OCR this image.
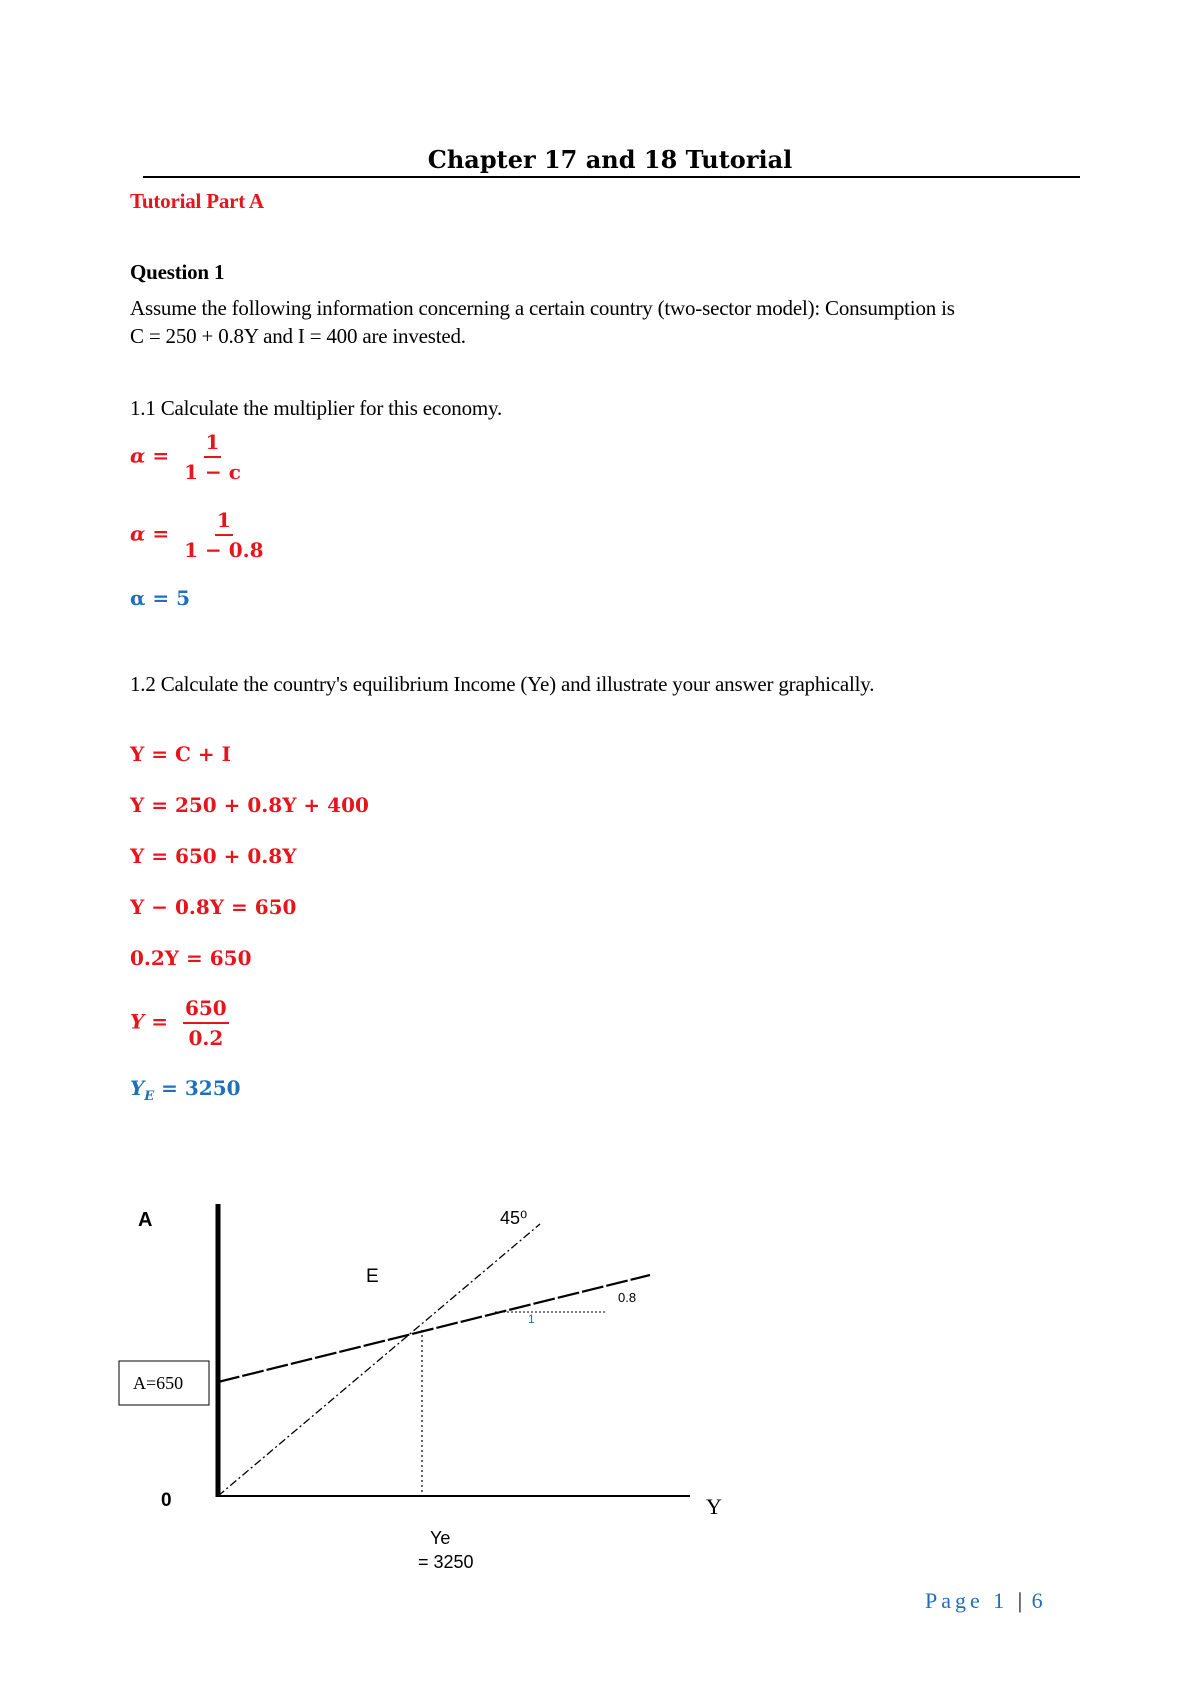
Chapter 17 and 18 Tutorial
Tutorial Part A
Question 1
Assume the following information concerning a certain country (two-sector model): Consumption is
C = 250 + 0.8Y and I = 400 are invested.
1.1 Calculate the multiplier for this economy.
$\alpha = \frac{1}{1 - c}$
$\alpha = \frac{1}{1 - 0.8}$
α = 5
1.2 Calculate the country's equilibrium Income (Ye) and illustrate your answer graphically.
Y = C + I
Y = 250 + 0.8Y + 400
Y = 650 + 0.8Y
Y − 0.8Y = 650
0.2Y = 650
$Y = \frac{650}{0.2}$
$Y_E = 3250$
A	45⁰
E
0.8
1
0	Y
Ye
= 3250
A=650
Page 1 | 6
